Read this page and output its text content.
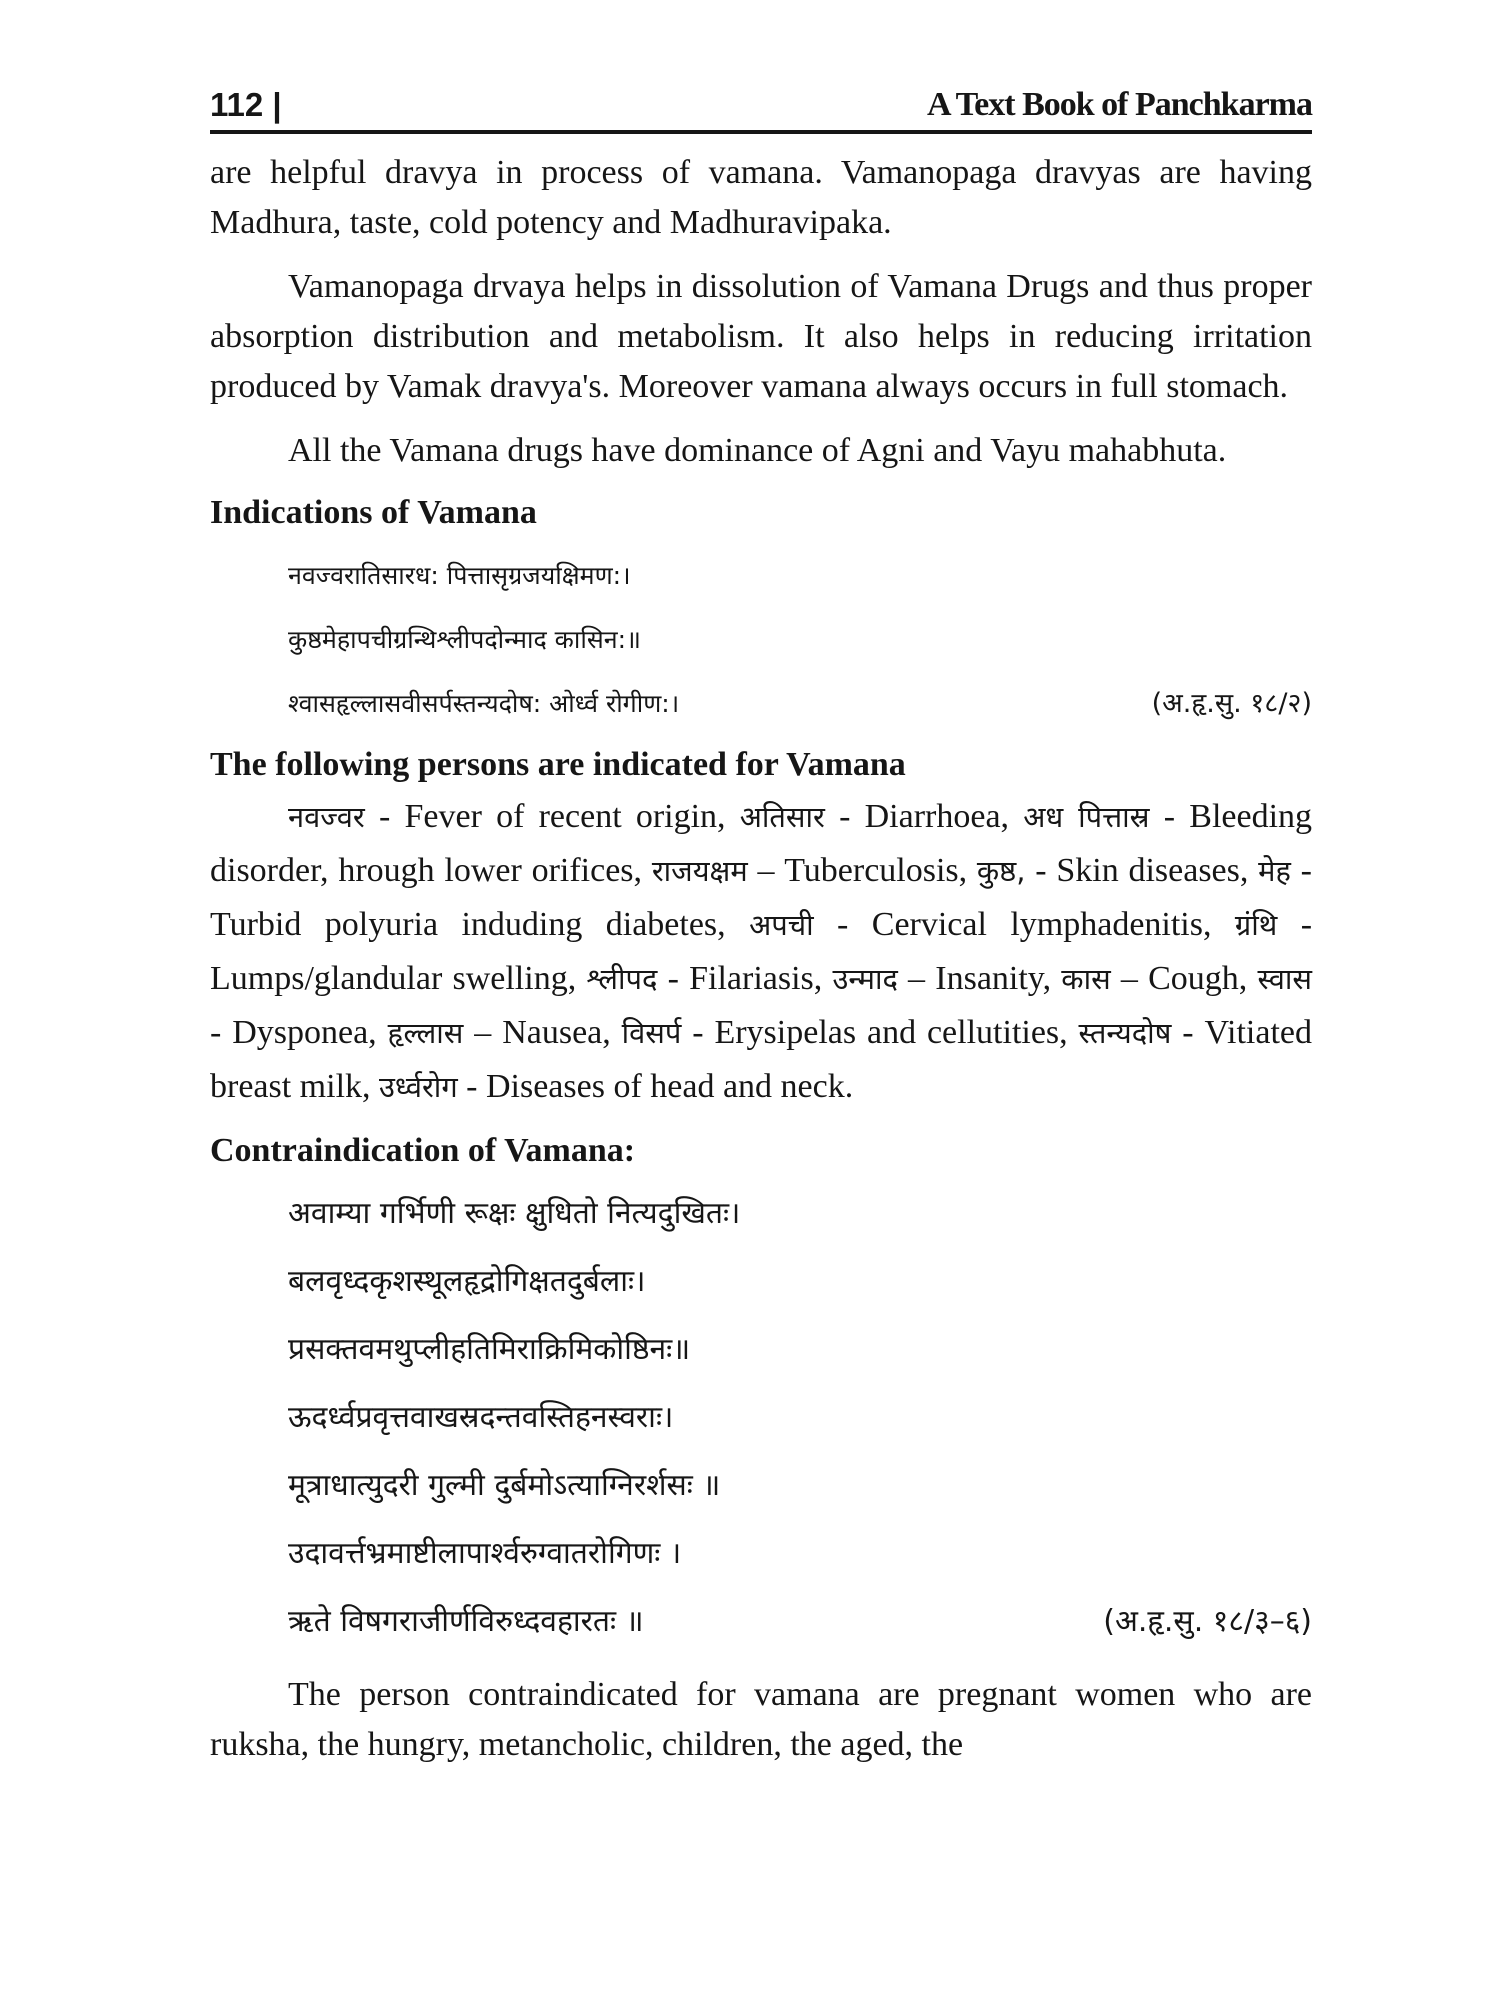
112 |	A Text Book of Panchkarma

are helpful dravya in process of vamana. Vamanopaga dravyas are having Madhura, taste, cold potency and Madhuravipaka.

Vamanopaga drvaya helps in dissolution of Vamana Drugs and thus proper absorption distribution and metabolism. It also helps in reducing irritation produced by Vamak dravya's. Moreover vamana always occurs in full stomach.

All the Vamana drugs have dominance of Agni and Vayu mahabhuta.

Indications of Vamana

नवज्वरातिसारध: पित्तासृग्रजयक्षिमण:।
कुष्ठमेहापचीग्रन्थिश्लीपदोन्माद कासिन:॥
श्वासहृल्लासवीसर्पस्तन्यदोष: ओर्ध्व रोगीण:।	(अ.हृ.सु. १८/२)

The following persons are indicated for Vamana

नवज्वर - Fever of recent origin, अतिसार - Diarrhoea, अध पित्तास्र - Bleeding disorder, hrough lower orifices, राजयक्षम – Tuberculosis, कुष्ठ, - Skin diseases, मेह - Turbid polyuria induding diabetes, अपची - Cervical lymphadenitis, ग्रंथि - Lumps/glandular swelling, श्लीपद - Filariasis, उन्माद – Insanity, कास – Cough, स्वास - Dysponea, हृल्लास – Nausea, विसर्प - Erysipelas and cellutities, स्तन्यदोष - Vitiated breast milk, उर्ध्वरोग - Diseases of head and neck.

Contraindication of Vamana:

अवाम्या गर्भिणी रूक्षः क्षुधितो नित्यदुखितः।
बलवृध्दकृशस्थूलहृद्रोगिक्षतदुर्बलाः।
प्रसक्तवमथुप्लीहतिमिराक्रिमिकोष्ठिनः॥
ऊदर्ध्वप्रवृत्तवाखस्रदन्तवस्तिहनस्वराः।
मूत्राधात्युदरी गुल्मी दुर्बमोऽत्याग्निरर्शसः ॥
उदावर्त्तभ्रमाष्टीलापार्श्वरुग्वातरोगिणः ।
ऋते विषगराजीर्णविरुध्दवहारतः ॥	(अ.हृ.सु. १८/३–६)

The person contraindicated for vamana are pregnant women who are ruksha, the hungry, metancholic, children, the aged, the
